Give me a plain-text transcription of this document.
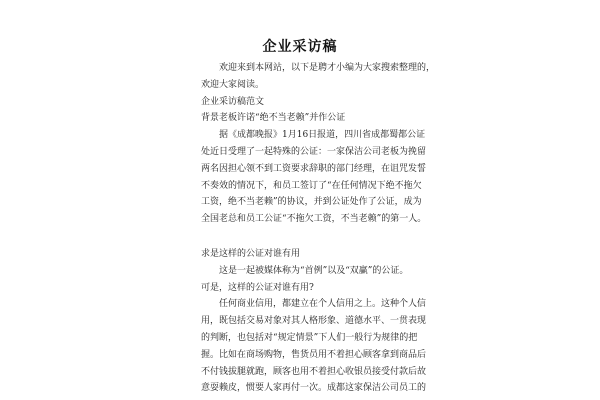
企业采访稿
欢迎来到本网站，以下是聘才小编为大家搜索整理的，
欢迎大家阅读。
企业采访稿范文
背景老板许诺“绝不当老赖”并作公证
据《成都晚报》1月16日报道，四川省成都蜀都公证
处近日受理了一起特殊的公证：一家保洁公司老板为挽留
两名因担心领不到工资要求辞职的部门经理，在诅咒发誓
不奏效的情况下，和员工签订了“在任何情况下绝不拖欠
工资，绝不当老赖”的协议，并到公证处作了公证，成为
全国老总和员工公证“不拖欠工资，不当老赖”的第一人。
求是这样的公证对谁有用
这是一起被媒体称为“首例”以及“双赢”的公证。
可是，这样的公证对谁有用?
任何商业信用，都建立在个人信用之上。这种个人信
用，既包括交易对象对其人格形象、道德水平、一贯表现
的判断，也包括对“规定情景”下人们一般行为规律的把
握。比如在商场购物，售货员用不着担心顾客拿到商品后
不付钱拔腿就跑，顾客也用不着担心收银员接受付款后故
意耍赖皮，惯要人家再付一次。成都这家保洁公司员工的
